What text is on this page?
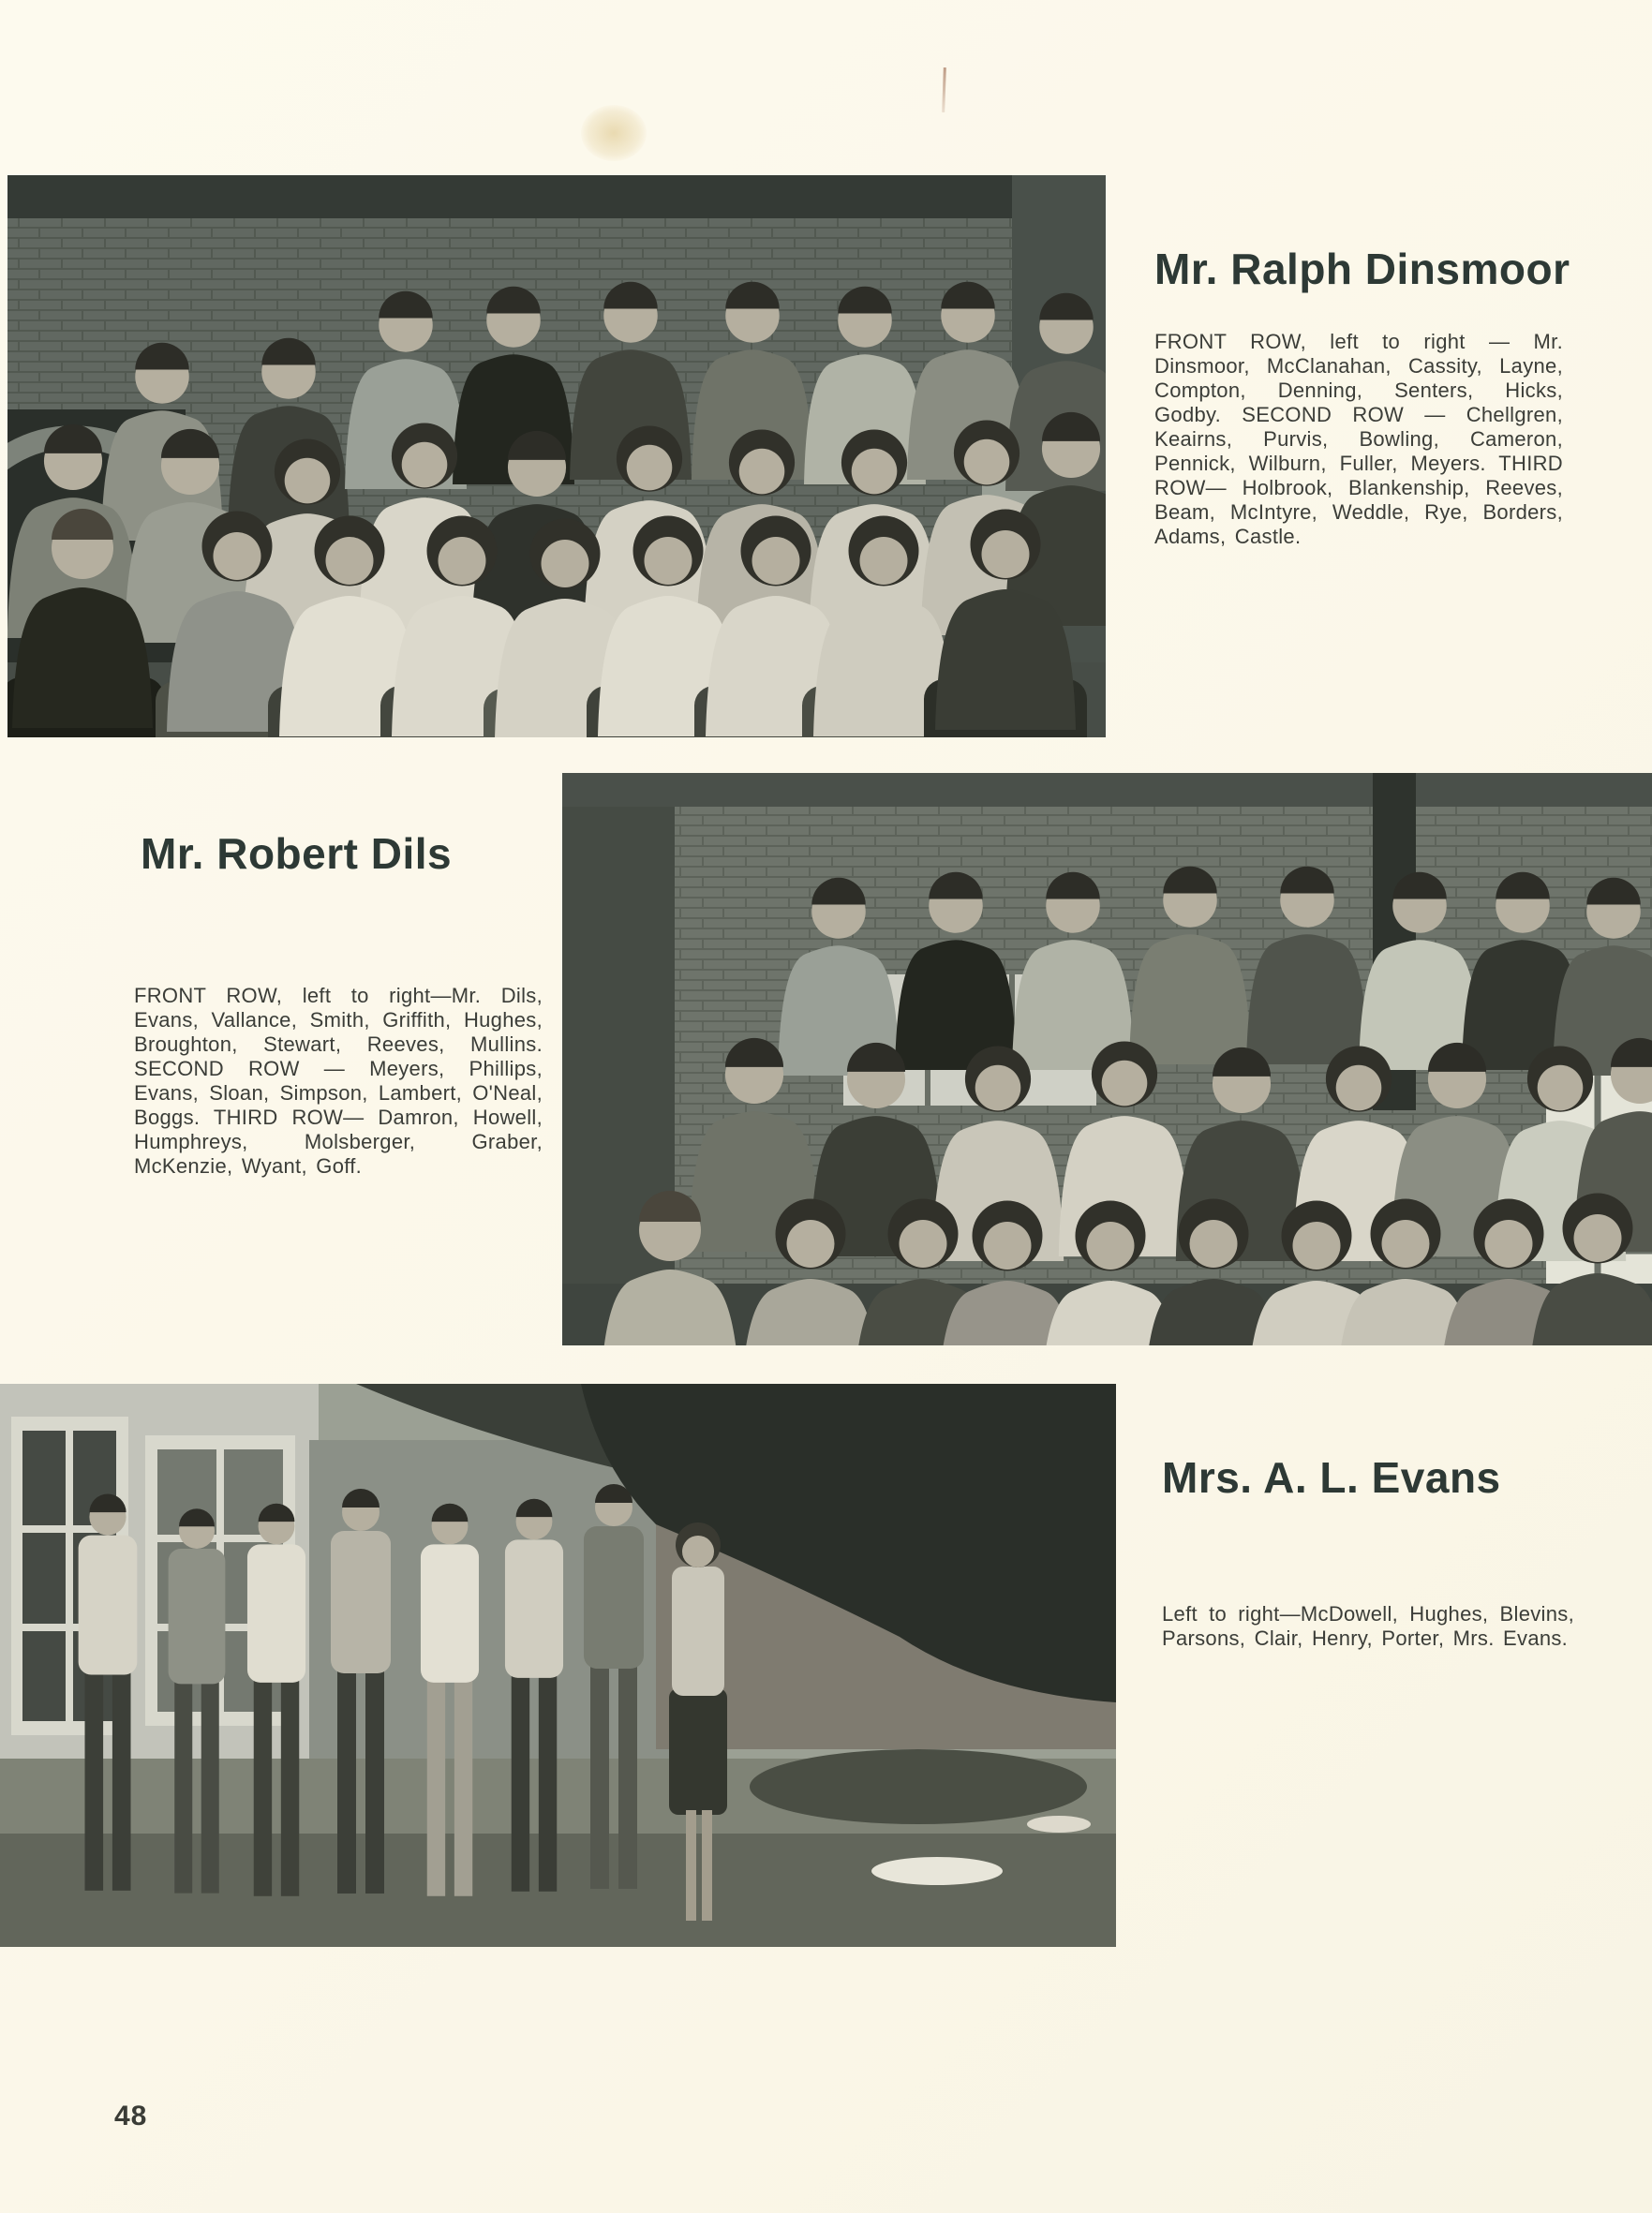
Mr. Ralph Dinsmoor

FRONT ROW, left to right — Mr. Dinsmoor, McClanahan, Cassity, Layne, Compton, Denning, Senters, Hicks, Godby. SECOND ROW — Chellgren, Keairns, Purvis, Bowling, Cameron, Pennick, Wilburn, Fuller, Meyers. THIRD ROW— Holbrook, Blankenship, Reeves, Beam, McIntyre, Weddle, Rye, Borders, Adams, Castle.

Mr. Robert Dils

FRONT ROW, left to right—Mr. Dils, Evans, Vallance, Smith, Griffith, Hughes, Broughton, Stewart, Reeves, Mullins. SECOND ROW — Meyers, Phillips, Evans, Sloan, Simpson, Lambert, O'Neal, Boggs. THIRD ROW— Damron, Howell, Humphreys, Molsberger, Graber, McKenzie, Wyant, Goff.

Mrs. A. L. Evans

Left to right—McDowell, Hughes, Blevins, Parsons, Clair, Henry, Porter, Mrs. Evans.

48
